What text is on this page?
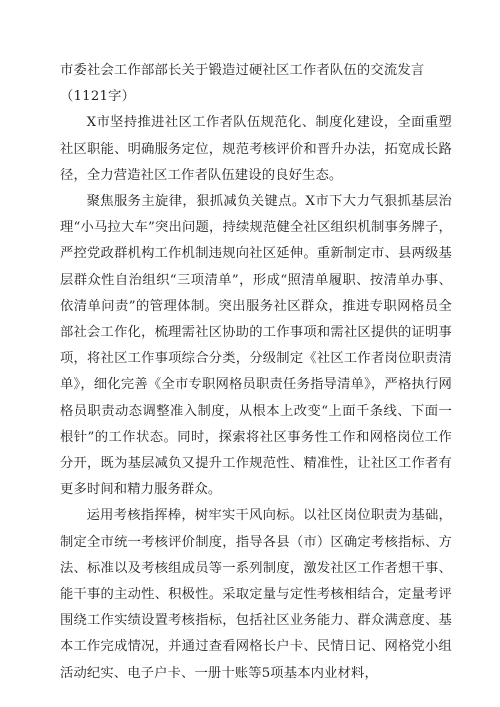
市委社会工作部部长关于锻造过硬社区工作者队伍的交流发言（1121字）

X市坚持推进社区工作者队伍规范化、制度化建设，全面重塑社区职能、明确服务定位，规范考核评价和晋升办法，拓宽成长路径，全力营造社区工作者队伍建设的良好生态。

聚焦服务主旋律，狠抓减负关键点。X市下大力气狠抓基层治理“小马拉大车”突出问题，持续规范健全社区组织机制事务牌子，严控党政群机构工作机制违规向社区延伸。重新制定市、县两级基层群众性自治组织“三项清单”，形成“照清单履职、按清单办事、依清单问责”的管理体制。突出服务社区群众，推进专职网格员全部社会工作化，梳理需社区协助的工作事项和需社区提供的证明事项，将社区工作事项综合分类，分级制定《社区工作者岗位职责清单》，细化完善《全市专职网格员职责任务指导清单》，严格执行网格员职责动态调整准入制度，从根本上改变“上面千条线、下面一根针”的工作状态。同时，探索将社区事务性工作和网格岗位工作分开，既为基层减负又提升工作规范性、精准性，让社区工作者有更多时间和精力服务群众。

运用考核指挥棒，树牢实干风向标。以社区岗位职责为基础，制定全市统一考核评价制度，指导各县（市）区确定考核指标、方法、标准以及考核组成员等一系列制度，激发社区工作者想干事、能干事的主动性、积极性。采取定量与定性考核相结合，定量考评围绕工作实绩设置考核指标，包括社区业务能力、群众满意度、基本工作完成情况，并通过查看网格长户卡、民情日记、网格党小组活动纪实、电子户卡、一册十账等5项基本内业材料，
